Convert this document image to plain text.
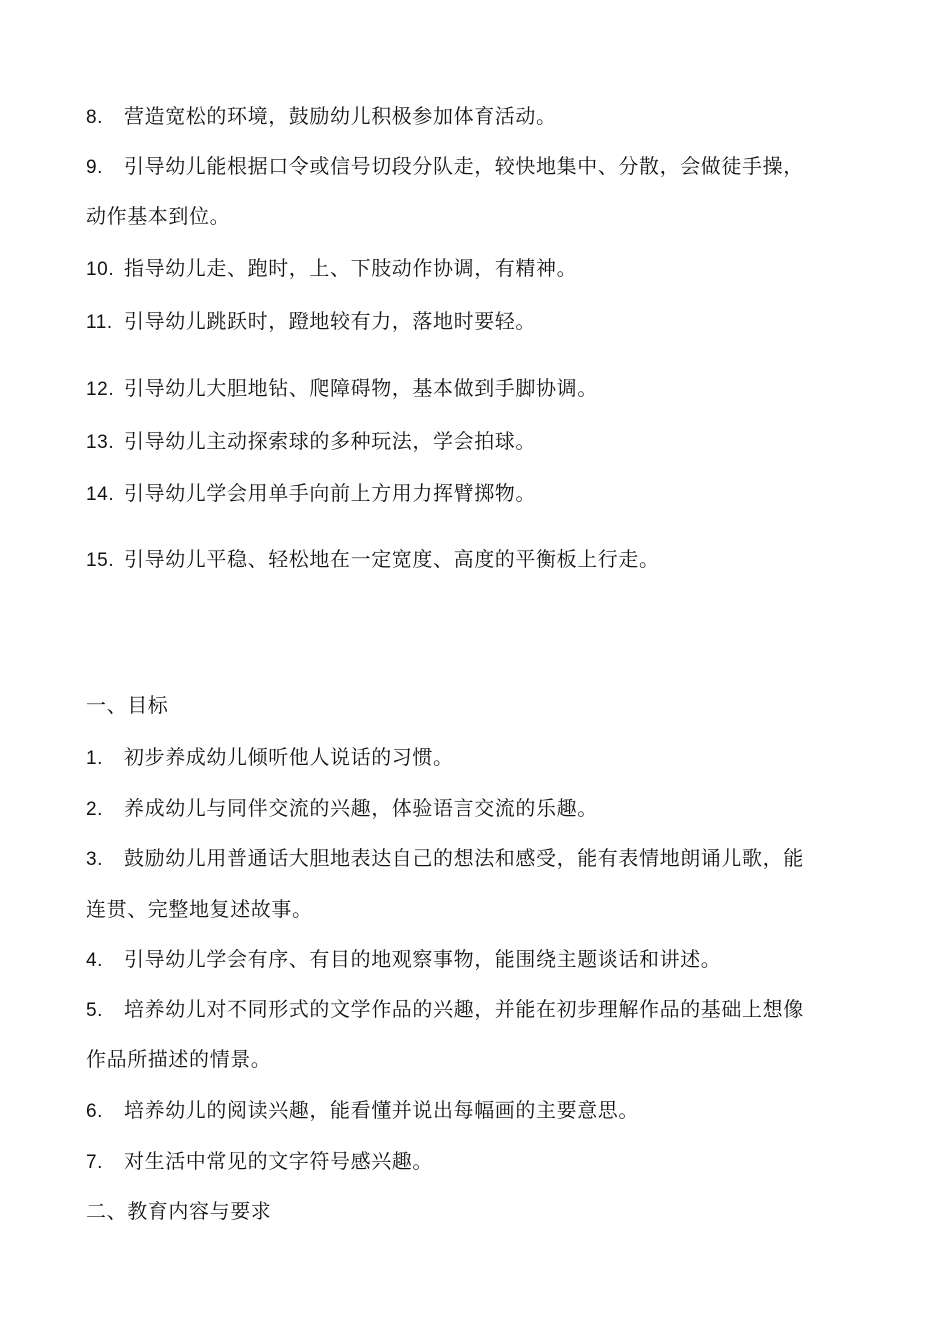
8. 营造宽松的环境，鼓励幼儿积极参加体育活动。
9. 引导幼儿能根据口令或信号切段分队走，较快地集中、分散，会做徒手操，
动作基本到位。
10. 指导幼儿走、跑时，上、下肢动作协调，有精神。
11. 引导幼儿跳跃时，蹬地较有力，落地时要轻。
12. 引导幼儿大胆地钻、爬障碍物，基本做到手脚协调。
13. 引导幼儿主动探索球的多种玩法，学会拍球。
14. 引导幼儿学会用单手向前上方用力挥臂掷物。
15. 引导幼儿平稳、轻松地在一定宽度、高度的平衡板上行走。
一、目标
1. 初步养成幼儿倾听他人说话的习惯。
2. 养成幼儿与同伴交流的兴趣，体验语言交流的乐趣。
3. 鼓励幼儿用普通话大胆地表达自己的想法和感受，能有表情地朗诵儿歌，能
连贯、完整地复述故事。
4. 引导幼儿学会有序、有目的地观察事物，能围绕主题谈话和讲述。
5. 培养幼儿对不同形式的文学作品的兴趣，并能在初步理解作品的基础上想像
作品所描述的情景。
6. 培养幼儿的阅读兴趣，能看懂并说出每幅画的主要意思。
7. 对生活中常见的文字符号感兴趣。
二、教育内容与要求
